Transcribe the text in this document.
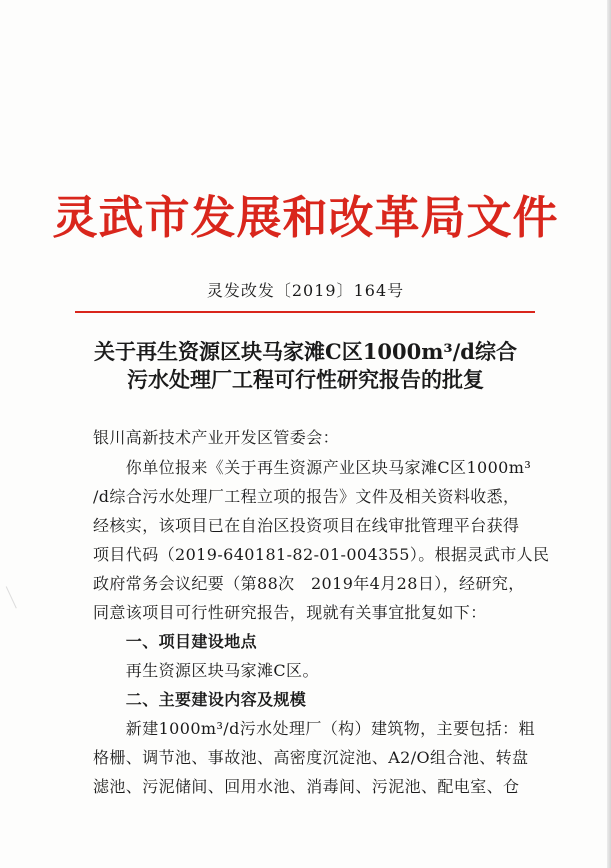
灵武市发展和改革局文件
灵发改发〔2019〕164号
关于再生资源区块马家滩C区1000m³/d综合
污水处理厂工程可行性研究报告的批复
银川高新技术产业开发区管委会：
　　你单位报来《关于再生资源产业区块马家滩C区1000m³
/d综合污水处理厂工程立项的报告》文件及相关资料收悉，
经核实，该项目已在自治区投资项目在线审批管理平台获得
项目代码（2019-640181-82-01-004355）。根据灵武市人民
政府常务会议纪要（第88次　2019年4月28日），经研究，
同意该项目可行性研究报告，现就有关事宜批复如下：
　　一、项目建设地点
　　再生资源区块马家滩C区。
　　二、主要建设内容及规模
　　新建1000m³/d污水处理厂（构）建筑物，主要包括：粗
格栅、调节池、事故池、高密度沉淀池、A2/O组合池、转盘
滤池、污泥储间、回用水池、消毒间、污泥池、配电室、仓
